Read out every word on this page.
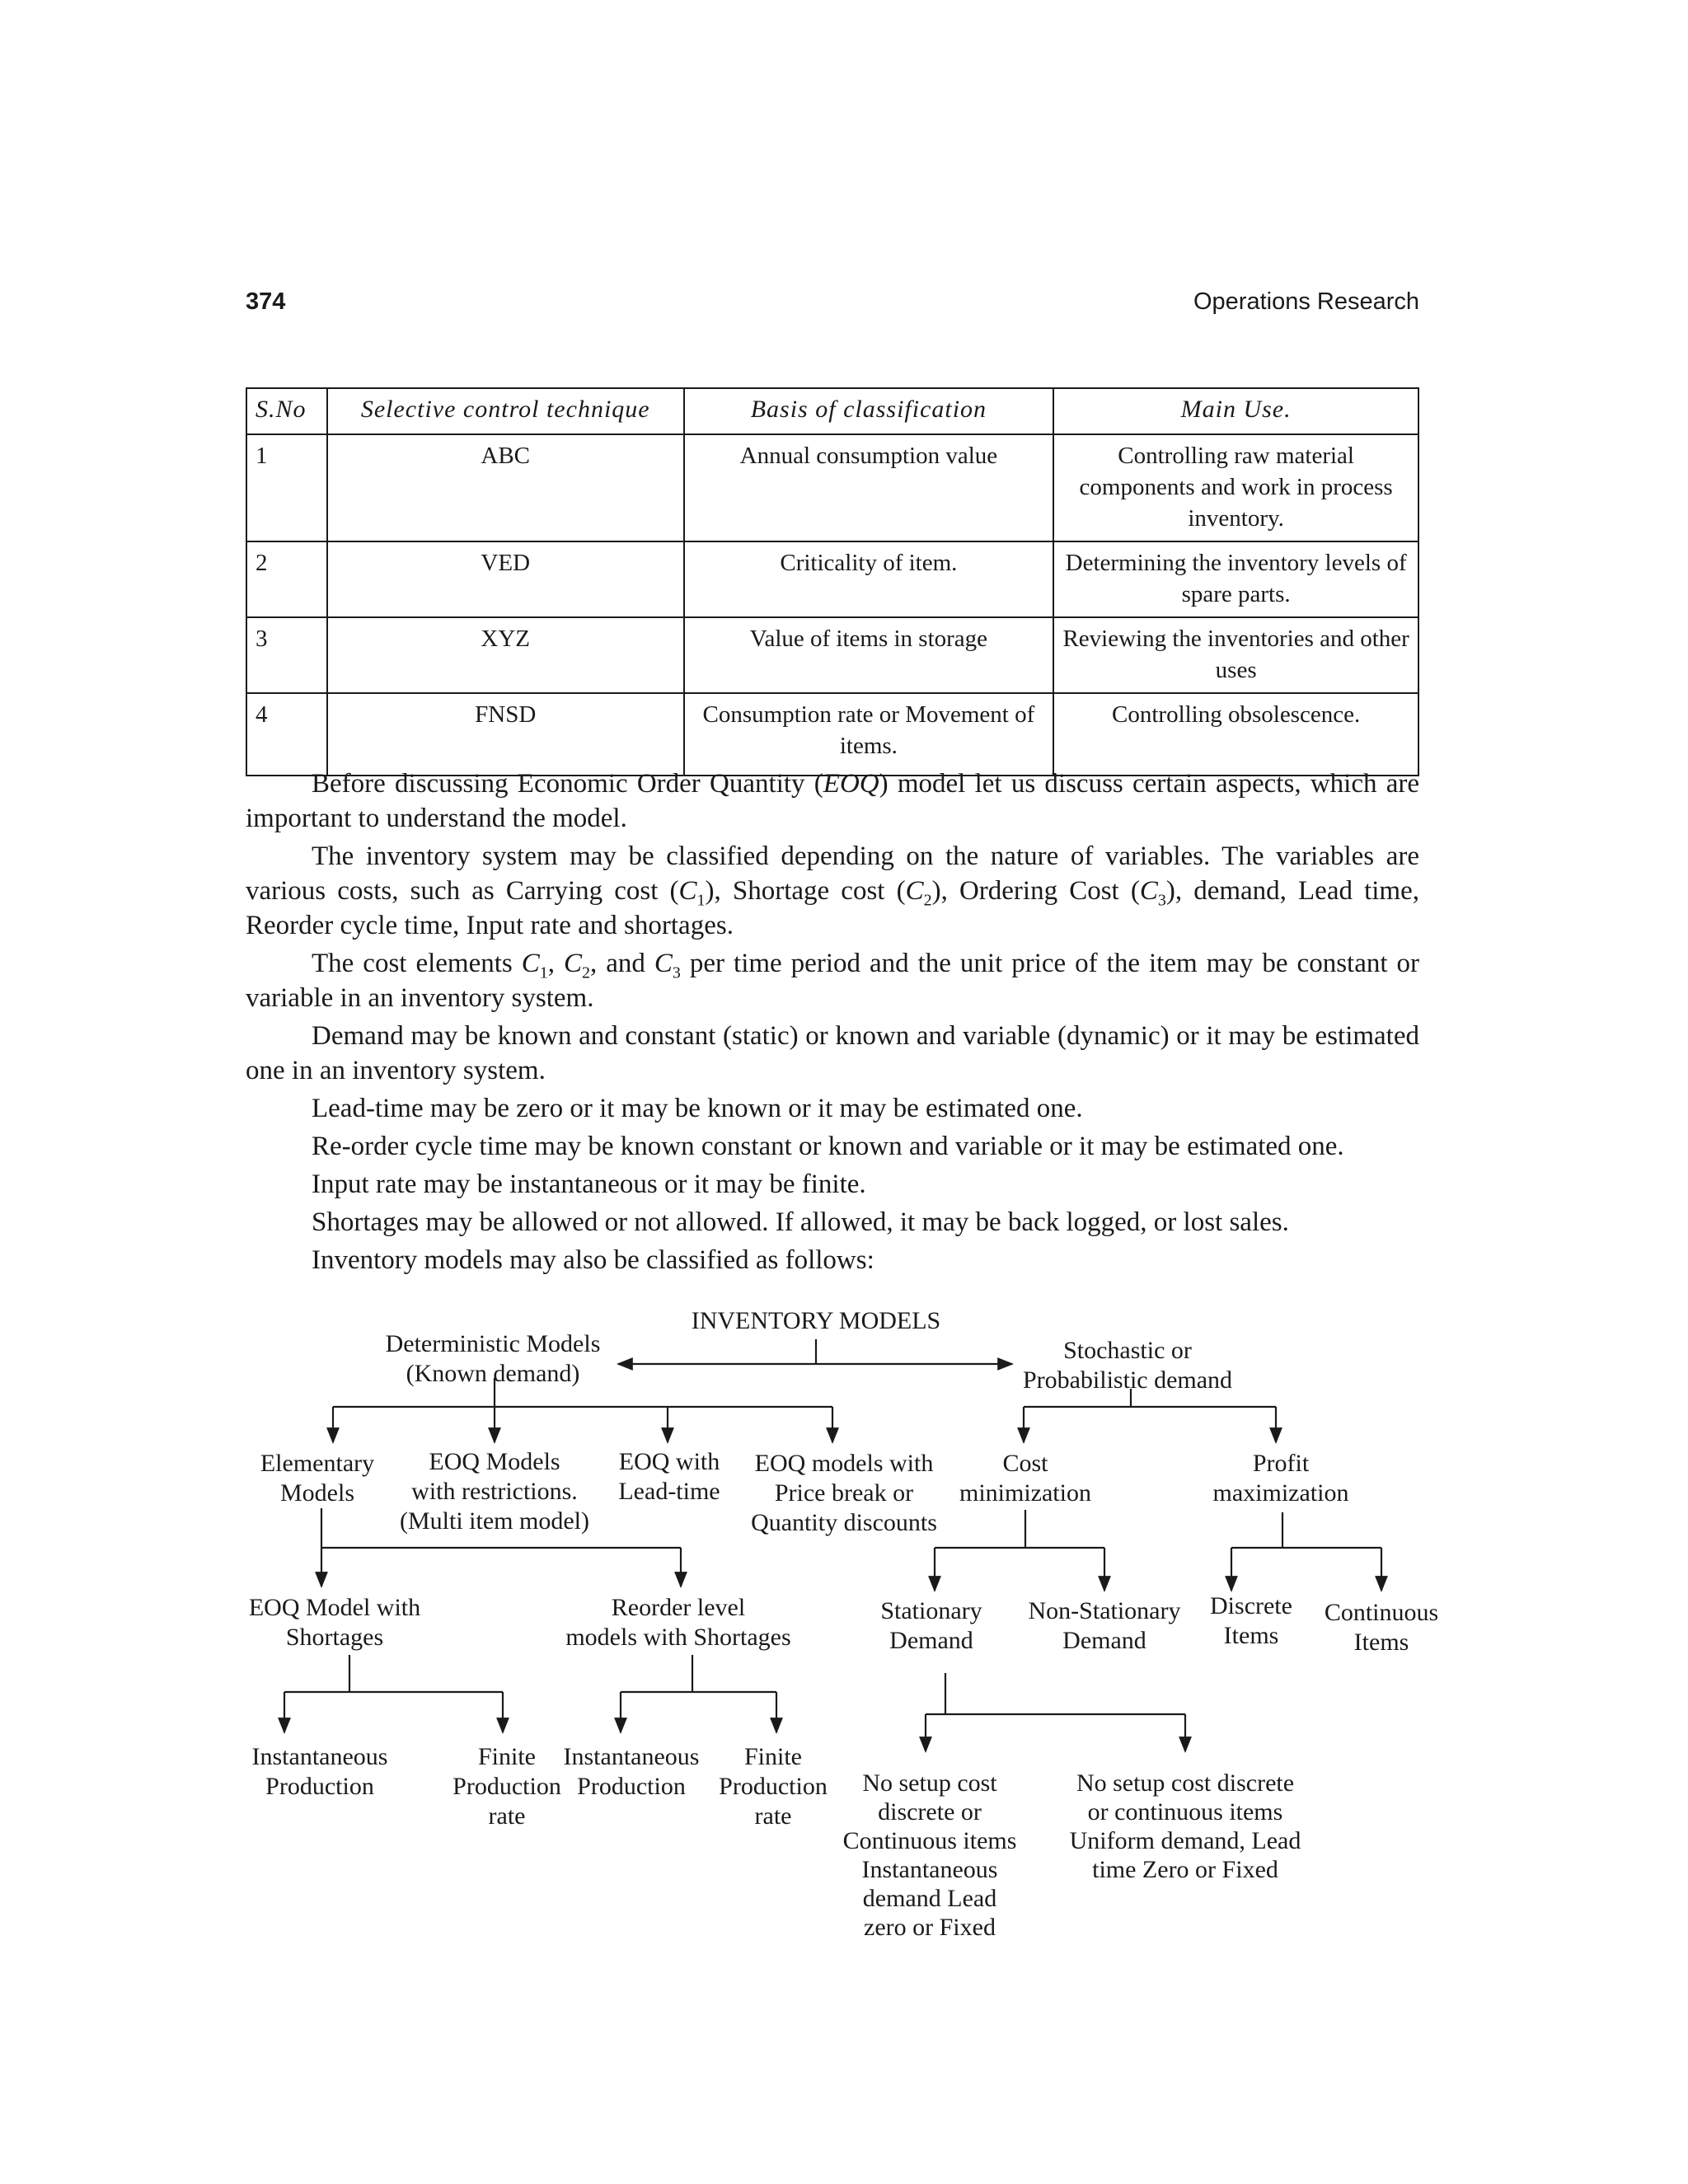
374	Operations Research
S.No	Selective control technique	Basis of classification	Main Use.
1	ABC	Annual consumption value	Controlling raw material components and work in process inventory.
2	VED	Criticality of item.	Determining the inventory levels of spare parts.
3	XYZ	Value of items in storage	Reviewing the inventories and other uses
4	FNSD	Consumption rate or Movement of items.	Controlling obsolescence.

Before discussing Economic Order Quantity (EOQ) model let us discuss certain aspects, which are important to understand the model.

The inventory system may be classified depending on the nature of variables. The variables are various costs, such as Carrying cost $(C_1)$, Shortage cost $(C_2)$, Ordering Cost $(C_3)$, demand, Lead time, Reorder cycle time, Input rate and shortages.

The cost elements $C_1$, $C_2$, and $C_3$ per time period and the unit price of the item may be constant or variable in an inventory system.

Demand may be known and constant (static) or known and variable (dynamic) or it may be estimated one in an inventory system.

Lead-time may be zero or it may be known or it may be estimated one.

Re-order cycle time may be known constant or known and variable or it may be estimated one.

Input rate may be instantaneous or it may be finite.

Shortages may be allowed or not allowed. If allowed, it may be back logged, or lost sales.

Inventory models may also be classified as follows:

INVENTORY MODELS
Deterministic Models
(Known demand)
Stochastic or
Probabilistic demand
Elementary
Models
EOQ Models
with restrictions.
(Multi item model)
EOQ with
Lead-time
EOQ models with
Price break or
Quantity discounts
Cost
minimization
Profit
maximization
EOQ Model with
Shortages
Reorder level
models with Shortages
Stationary
Demand
Non-Stationary
Demand
Discrete
Items
Continuous
Items
Instantaneous
Production
Finite
Production
rate
Instantaneous
Production
Finite
Production
rate
No setup cost
discrete or
Continuous items
Instantaneous
demand Lead
zero or Fixed
No setup cost discrete
or continuous items
Uniform demand, Lead
time Zero or Fixed
